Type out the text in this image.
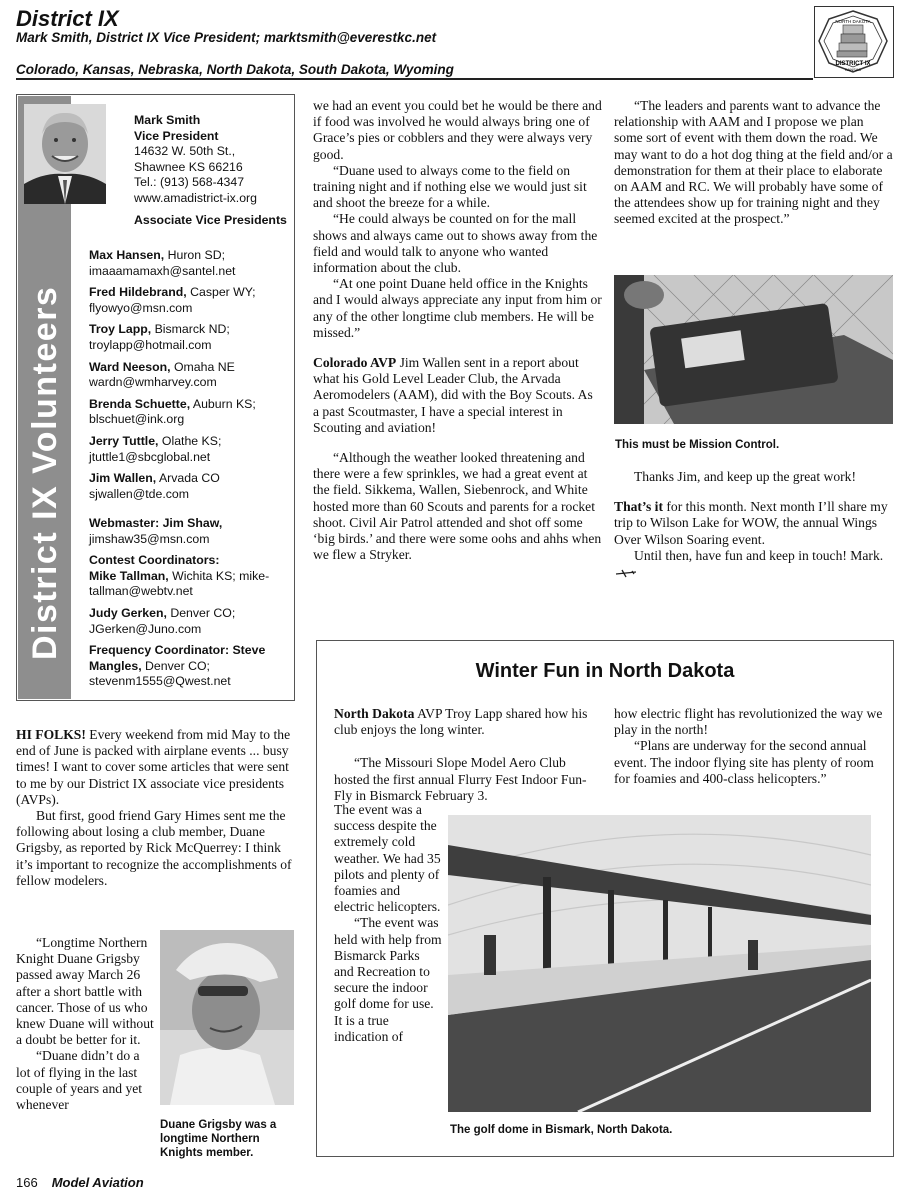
District IX
Mark Smith, District IX Vice President; marktsmith@everestkc.net
Colorado, Kansas, Nebraska, North Dakota, South Dakota, Wyoming
NORTH DAKOTA
DISTRICT IX
KANSAS
District IX Volunteers
Mark Smith
Vice President
14632 W. 50th St.,
Shawnee KS 66216
Tel.: (913) 568-4347
www.amadistrict-ix.org
Associate Vice Presidents
Max Hansen, Huron SD;
imaaamamaxh@santel.net
Fred Hildebrand, Casper WY;
flyowyo@msn.com
Troy Lapp, Bismarck ND;
troylapp@hotmail.com
Ward Neeson, Omaha NE
wardn@wmharvey.com
Brenda Schuette, Auburn KS;
blschuet@ink.org
Jerry Tuttle, Olathe KS;
jtuttle1@sbcglobal.net
Jim Wallen, Arvada CO
sjwallen@tde.com
Webmaster: Jim Shaw,
jimshaw35@msn.com
Contest Coordinators:
Mike Tallman, Wichita KS; mike-tallman@webtv.net
Judy Gerken, Denver CO; JGerken@Juno.com
Frequency Coordinator: Steve Mangles, Denver CO; stevenm1555@Qwest.net

we had an event you could bet he would be there and if food was involved he would always bring one of Grace’s pies or cobblers and they were always very good.

“Duane used to always come to the field on training night and if nothing else we would just sit and shoot the breeze for a while.

“He could always be counted on for the mall shows and always came out to shows away from the field and would talk to anyone who wanted information about the club.

“At one point Duane held office in the Knights and I would always appreciate any input from him or any of the other longtime club members. He will be missed.”

Colorado AVP Jim Wallen sent in a report about what his Gold Level Leader Club, the Arvada Aeromodelers (AAM), did with the Boy Scouts. As a past Scoutmaster, I have a special interest in Scouting and aviation!

“Although the weather looked threatening and there were a few sprinkles, we had a great event at the field. Sikkema, Wallen, Siebenrock, and White hosted more than 60 Scouts and parents for a rocket shoot. Civil Air Patrol attended and shot off some ‘big birds.’ and there were some oohs and ahhs when we flew a Stryker.

“The leaders and parents want to advance the relationship with AAM and I propose we plan some sort of event with them down the road. We may want to do a hot dog thing at the field and/or a demonstration for them at their place to elaborate on AAM and RC. We will probably have some of the attendees show up for training night and they seemed excited at the prospect.”

This must be Mission Control.

Thanks Jim, and keep up the great work!

That’s it for this month. Next month I’ll share my trip to Wilson Lake for WOW, the annual Wings Over Wilson Soaring event.

Until then, have fun and keep in touch! Mark.

HI FOLKS! Every weekend from mid May to the end of June is packed with airplane events ... busy times! I want to cover some articles that were sent to me by our District IX associate vice presidents (AVPs).

But first, good friend Gary Himes sent me the following about losing a club member, Duane Grigsby, as reported by Rick McQuerrey: I think it’s important to recognize the accomplishments of fellow modelers.

“Longtime Northern Knight Duane Grigsby passed away March 26 after a short battle with cancer. Those of us who knew Duane will without a doubt be better for it.

“Duane didn’t do a lot of flying in the last couple of years and yet whenever

Duane Grigsby was a longtime Northern Knights member.
Winter Fun in North Dakota

North Dakota AVP Troy Lapp shared how his club enjoys the long winter.

“The Missouri Slope Model Aero Club hosted the first annual Flurry Fest Indoor Fun-Fly in Bismarck February 3.

The event was a success despite the extremely cold weather. We had 35 pilots and plenty of foamies and electric helicopters.

“The event was held with help from Bismarck Parks and Recreation to secure the indoor golf dome for use. It is a true indication of

how electric flight has revolutionized the way we play in the north!

“Plans are underway for the second annual event. The indoor flying site has plenty of room for foamies and 400-class helicopters.”

The golf dome in Bismark, North Dakota.
166 Model Aviation
